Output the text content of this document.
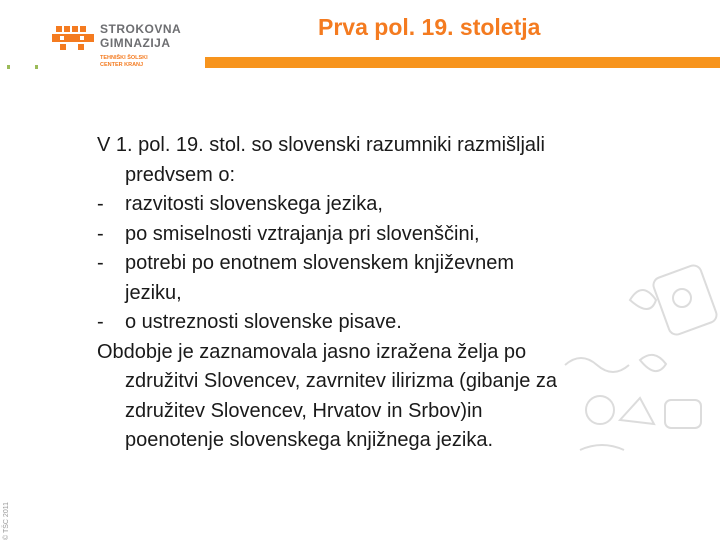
STROKOVNA
GIMNAZIJA
TEHNIŠKI ŠOLSKI
CENTER KRANJ
Prva pol. 19. stoletja
© TŠC 2011
V 1. pol. 19. stol. so slovenski razumniki razmišljali
predvsem o:
- razvitosti slovenskega jezika,
- po smiselnosti vztrajanja pri slovenščini,
- potrebi po enotnem slovenskem književnem
jeziku,
- o ustreznosti slovenske pisave.
Obdobje je zaznamovala jasno izražena želja po
združitvi Slovencev, zavrnitev ilirizma (gibanje za
združitev Slovencev, Hrvatov in Srbov)in
poenotenje slovenskega knjižnega jezika.
